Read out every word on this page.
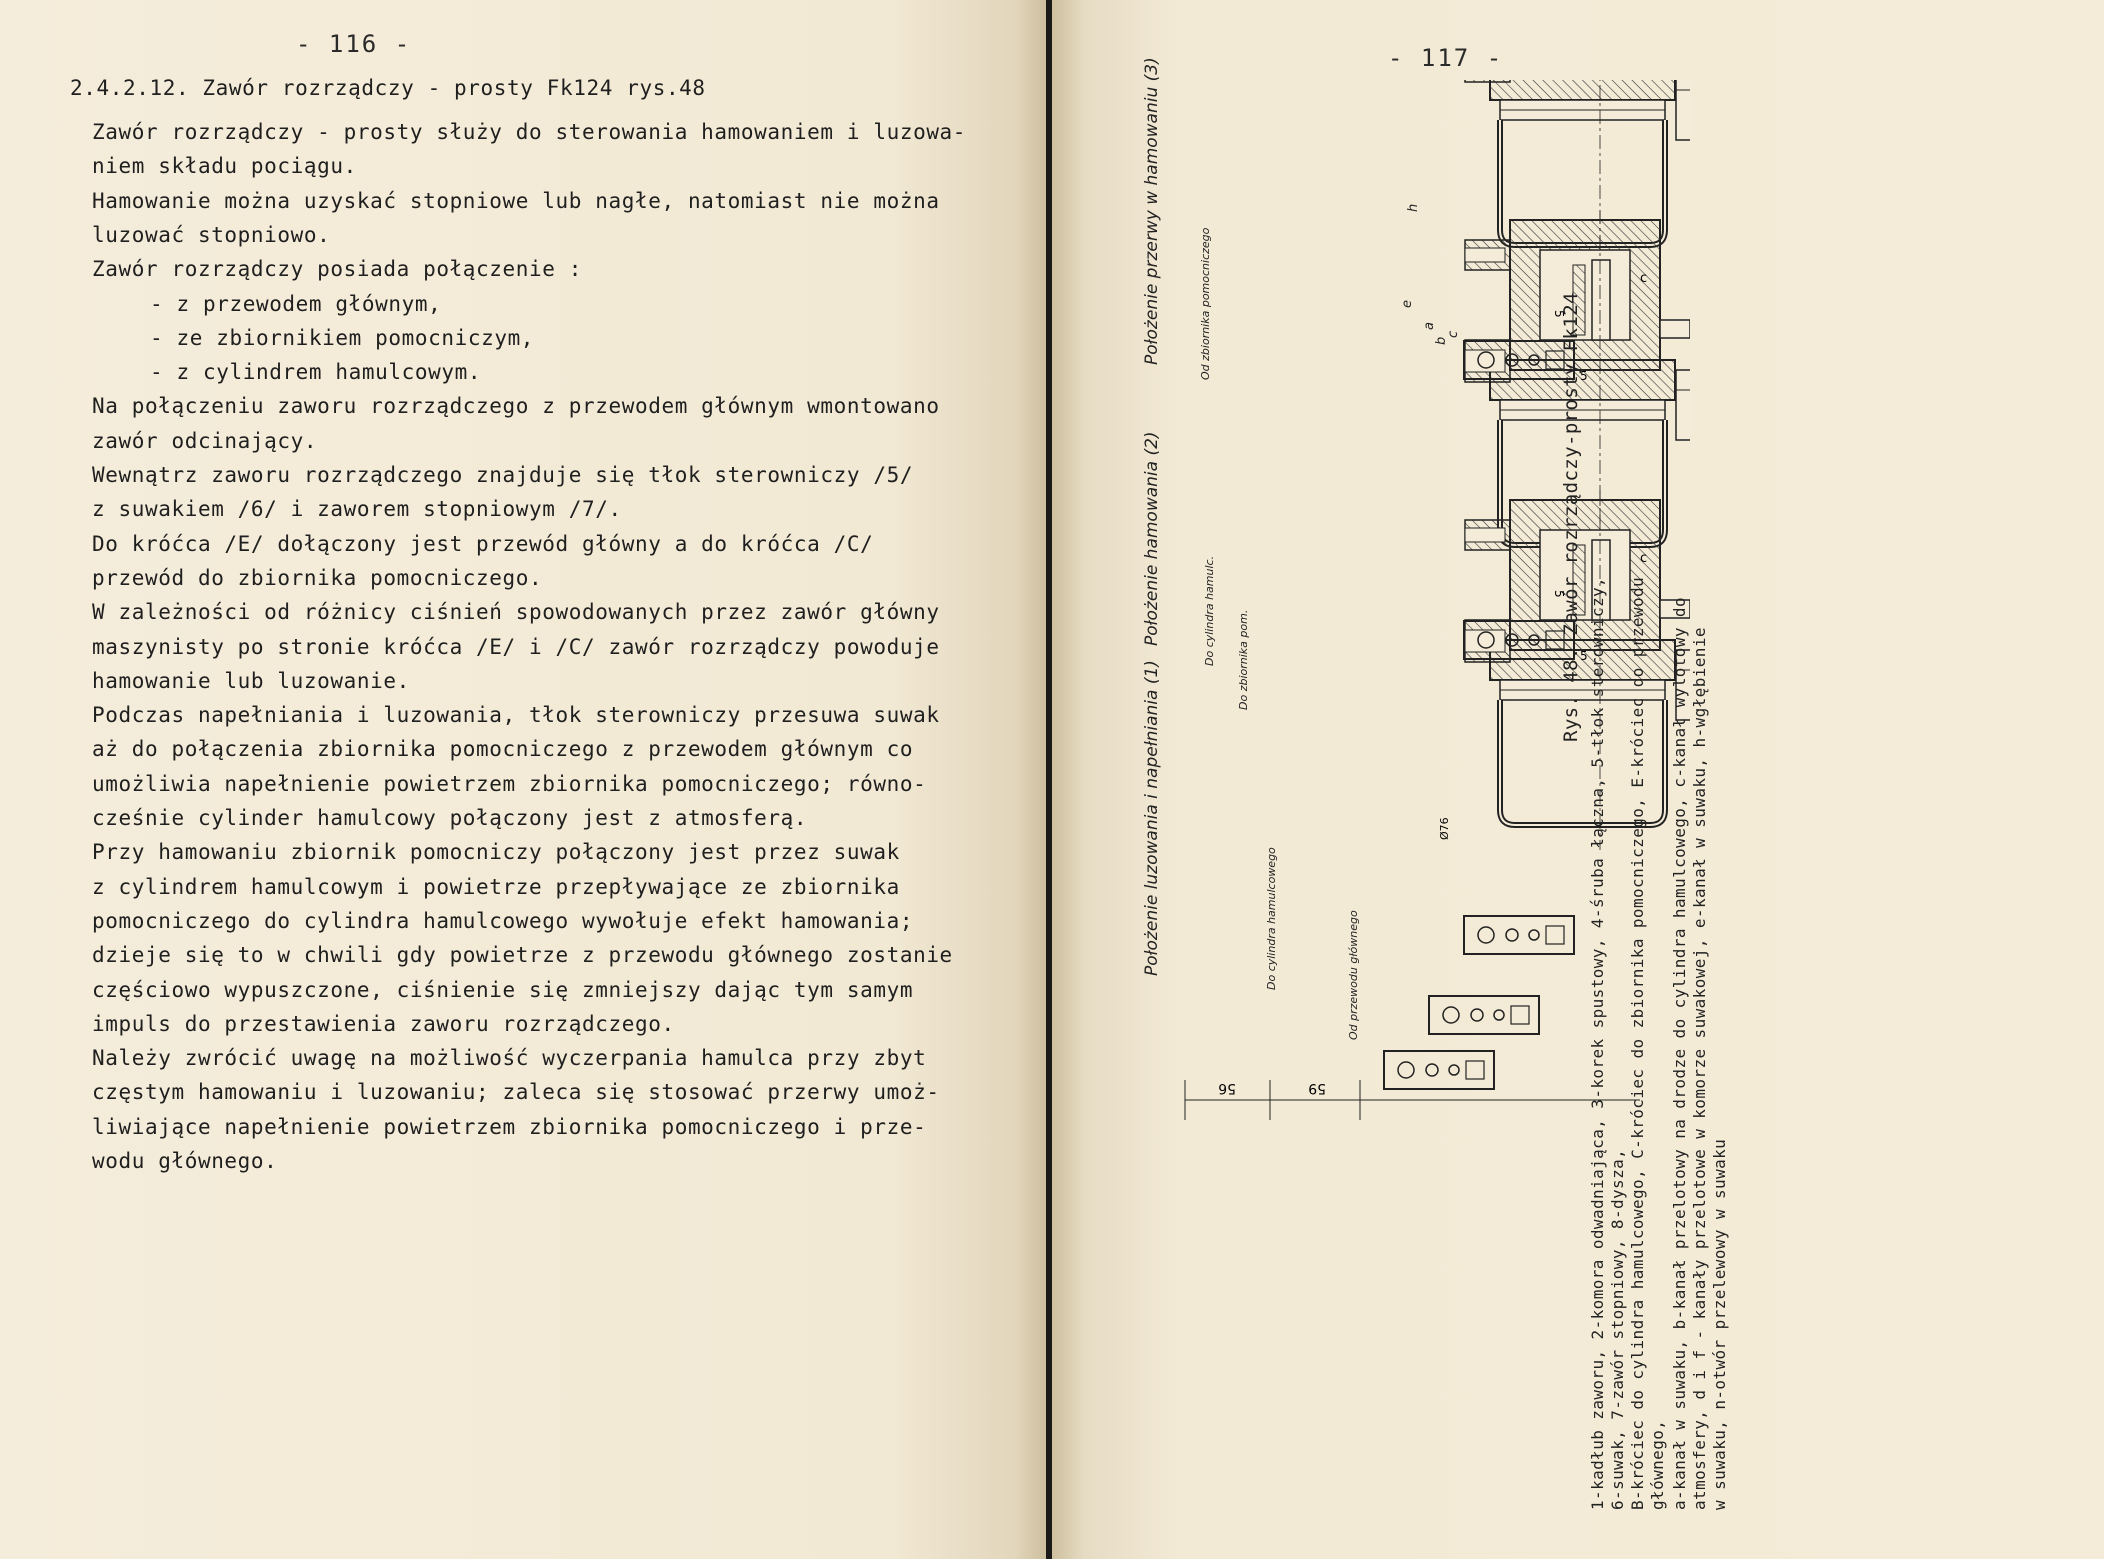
- 116 -
2.4.2.12. Zawór rozrządczy - prosty Fk124 rys.48
Zawór rozrządczy - prosty służy do sterowania hamowaniem i luzowa-
niem składu pociągu.
Hamowanie można uzyskać stopniowe lub nagłe, natomiast nie można
luzować stopniowo.
Zawór rozrządczy posiada połączenie :
- z przewodem głównym,
- ze zbiornikiem pomocniczym,
- z cylindrem hamulcowym.
Na połączeniu zaworu rozrządczego z przewodem głównym wmontowano
zawór odcinający.
Wewnątrz zaworu rozrządczego znajduje się tłok sterowniczy /5/
z suwakiem /6/ i zaworem stopniowym /7/.
Do króćca /E/ dołączony jest przewód główny a do króćca /C/
przewód do zbiornika pomocniczego.
W zależności od różnicy ciśnień spowodowanych przez zawór główny
maszynisty po stronie króćca /E/ i /C/ zawór rozrządczy powoduje
hamowanie lub luzowanie.
Podczas napełniania i luzowania, tłok sterowniczy przesuwa suwak
aż do połączenia zbiornika pomocniczego z przewodem głównym co
umożliwia napełnienie powietrzem zbiornika pomocniczego; równo-
cześnie cylinder hamulcowy połączony jest z atmosferą.
Przy hamowaniu zbiornik pomocniczy połączony jest przez suwak
z cylindrem hamulcowym i powietrze przepływające ze zbiornika
pomocniczego do cylindra hamulcowego wywołuje efekt hamowania;
dzieje się to w chwili gdy powietrze z przewodu głównego zostanie
częściowo wypuszczone, ciśnienie się zmniejszy dając tym samym
impuls do przestawienia zaworu rozrządczego.
Należy zwrócić uwagę na możliwość wyczerpania hamulca przy zbyt
częstym hamowaniu i luzowaniu; zaleca się stosować przerwy umoż-
liwiające napełnienie powietrzem zbiornika pomocniczego i prze-
wodu głównego.
- 117 -
Położenie luzowania i napełniania (1)
Położenie hamowania (2)
Położenie przerwy w hamowaniu (3)	c
5
5
56	59
Ø76
Od przewodu głównego
Do cylindra hamulcowego
Do zbiornika pom.
Do cylindra hamulc.
Od zbiornika pomocniczego	a
b
c
e
h
Rys. 48. Zawór rozrządczy-prosty Fk124
1-kadłub zaworu, 2-komora odwadniająca, 3-korek spustowy, 4-śruba łączna, 5-tłok sterowniczy, 6-suwak, 7-zawór stopniowy, 8-dysza, B-króciec do cylindra hamulcowego, C-króciec do zbiornika pomocniczego, E-króciec do przewodu głównego, a-kanał w suwaku, b-kanał przelotowy na drodze do cylindra hamulcowego, c-kanał wylotowy do atmosfery, d i f - kanały przelotowe w komorze suwakowej, e-kanał w suwaku, h-wgłębienie w suwaku, n-otwór przelewowy w suwaku
